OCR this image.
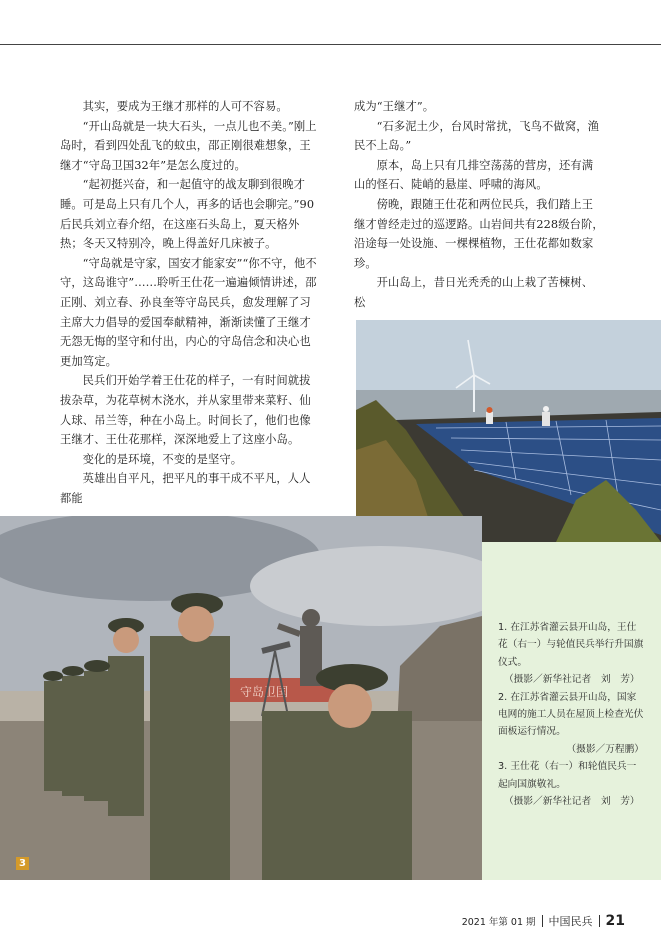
其实，要成为王继才那样的人可不容易。

“开山岛就是一块大石头，一点儿也不美。”刚上岛时，看到四处乱飞的蚊虫，邵正刚很难想象，王继才“守岛卫国32年”是怎么度过的。

“起初挺兴奋，和一起值守的战友聊到很晚才睡。可是岛上只有几个人，再多的话也会聊完。”90后民兵刘立春介绍，在这座石头岛上，夏天格外热；冬天又特别冷，晚上得盖好几床被子。

“守岛就是守家，国安才能家安”“你不守，他不守，这岛谁守”……聆听王仕花一遍遍倾情讲述，邵正刚、刘立春、孙良奎等守岛民兵，愈发理解了习主席大力倡导的爱国奉献精神，渐渐读懂了王继才无怨无悔的坚守和付出，内心的守岛信念和决心也更加笃定。

民兵们开始学着王仕花的样子，一有时间就拔拔杂草，为花草树木浇水，并从家里带来菜籽、仙人球、吊兰等，种在小岛上。时间长了，他们也像王继才、王仕花那样，深深地爱上了这座小岛。

变化的是环境，不变的是坚守。

英雄出自平凡，把平凡的事干成不平凡，人人都能

成为“王继才”。

“石多泥土少，台风时常扰，飞鸟不做窝，渔民不上岛。”

原本，岛上只有几排空荡荡的营房，还有满山的怪石、陡峭的悬崖、呼啸的海风。

傍晚，跟随王仕花和两位民兵，我们踏上王继才曾经走过的巡逻路。山岩间共有228级台阶，沿途每一处设施、一棵棵植物，王仕花都如数家珍。

开山岛上，昔日光秃秃的山上栽了苦楝树、松

守岛卫国
3

1. 在江苏省灌云县开山岛，王仕花（右一）与轮值民兵举行升国旗仪式。

（摄影／新华社记者　刘　芳）

2. 在江苏省灌云县开山岛，国家电网的施工人员在屋顶上检查光伏面板运行情况。

（摄影／万程鹏）

3. 王仕花（右一）和轮值民兵一起向国旗敬礼。

（摄影／新华社记者　刘　芳）

2021 年第 01 期 中国民兵 21
